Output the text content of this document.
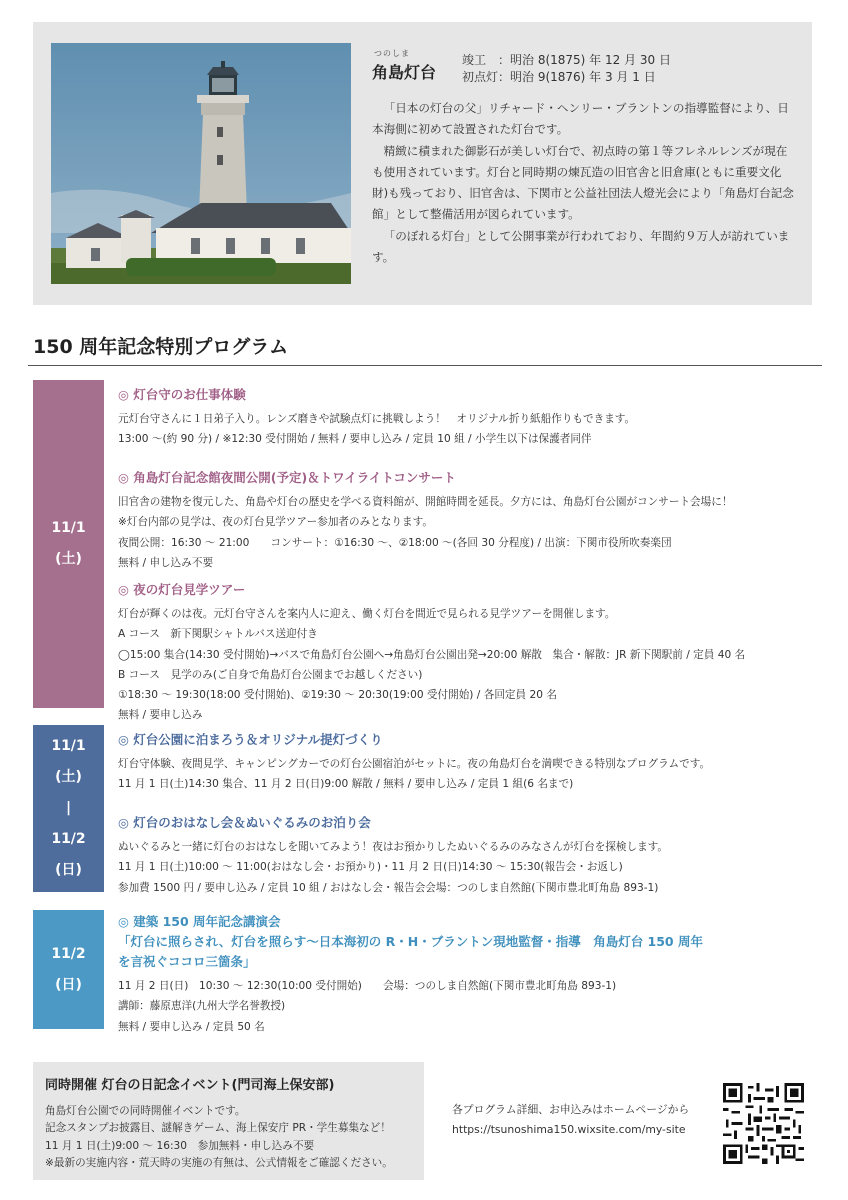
つのしま
角島灯台
竣工　：明治 8(1875) 年 12 月 30 日
初点灯：明治 9(1876) 年 3 月 1 日

「日本の灯台の父」リチャード・ヘンリー・ブラントンの指導監督により、日本海側に初めて設置された灯台です。

精緻に積まれた御影石が美しい灯台で、初点時の第１等フレネルレンズが現在も使用されています。灯台と同時期の煉瓦造の旧官舎と旧倉庫(ともに重要文化財)も残っており、旧官舎は、下関市と公益社団法人燈光会により「角島灯台記念館」として整備活用が図られています。

「のぼれる灯台」として公開事業が行われており、年間約９万人が訪れています。

150 周年記念特別プログラム
11/1
(土)
11/1
(土)
|
11/2
(日)
11/2
(日)
◎ 灯台守のお仕事体験
元灯台守さんに１日弟子入り。レンズ磨きや試験点灯に挑戦しよう！　オリジナル折り紙船作りもできます。
13:00 ～(約 90 分) / ※12:30 受付開始 / 無料 / 要申し込み / 定員 10 組 / 小学生以下は保護者同伴
◎ 角島灯台記念館夜間公開(予定)＆トワイライトコンサート
旧官舎の建物を復元した、角島や灯台の歴史を学べる資料館が、開館時間を延長。夕方には、角島灯台公園がコンサート会場に！
※灯台内部の見学は、夜の灯台見学ツアー参加者のみとなります。
夜間公開：16:30 ～ 21:00　　コンサート：①16:30 ～、②18:00 ～(各回 30 分程度) / 出演：下関市役所吹奏楽団
無料 / 申し込み不要
◎ 夜の灯台見学ツアー
灯台が輝くのは夜。元灯台守さんを案内人に迎え、働く灯台を間近で見られる見学ツアーを開催します。
A コース　新下関駅シャトルバス送迎付き
◯15:00 集合(14:30 受付開始)→バスで角島灯台公園へ→角島灯台公園出発→20:00 解散　集合・解散：JR 新下関駅前 / 定員 40 名
B コース　見学のみ(ご自身で角島灯台公園までお越しください)
①18:30 ～ 19:30(18:00 受付開始)、②19:30 ～ 20:30(19:00 受付開始) / 各回定員 20 名
無料 / 要申し込み
◎ 灯台公園に泊まろう＆オリジナル提灯づくり
灯台守体験、夜間見学、キャンピングカーでの灯台公園宿泊がセットに。夜の角島灯台を満喫できる特別なプログラムです。
11 月 1 日(土)14:30 集合、11 月 2 日(日)9:00 解散 / 無料 / 要申し込み / 定員 1 組(6 名まで)
◎ 灯台のおはなし会＆ぬいぐるみのお泊り会
ぬいぐるみと一緒に灯台のおはなしを聞いてみよう！夜はお預かりしたぬいぐるみのみなさんが灯台を探検します。
11 月 1 日(土)10:00 ～ 11:00(おはなし会・お預かり)・11 月 2 日(日)14:30 ～ 15:30(報告会・お返し)
参加費 1500 円 / 要申し込み / 定員 10 組 / おはなし会・報告会会場：つのしま自然館(下関市豊北町角島 893-1)
◎ 建築 150 周年記念講演会
「灯台に照らされ、灯台を照らす～日本海初の R・H・ブラントン現地監督・指導　角島灯台 150 周年
を言祝ぐココロ三箇条」
11 月 2 日(日)　10:30 ～ 12:30(10:00 受付開始)　　会場：つのしま自然館(下関市豊北町角島 893-1)
講師：藤原恵洋(九州大学名誉教授)
無料 / 要申し込み / 定員 50 名
同時開催 灯台の日記念イベント(門司海上保安部)
角島灯台公園での同時開催イベントです。
記念スタンプお披露目、謎解きゲーム、海上保安庁 PR・学生募集など！
11 月 1 日(土)9:00 ～ 16:30　参加無料・申し込み不要
※最新の実施内容・荒天時の実施の有無は、公式情報をご確認ください。
各プログラム詳細、お申込みはホームページから
https://tsunoshima150.wixsite.com/my-site
